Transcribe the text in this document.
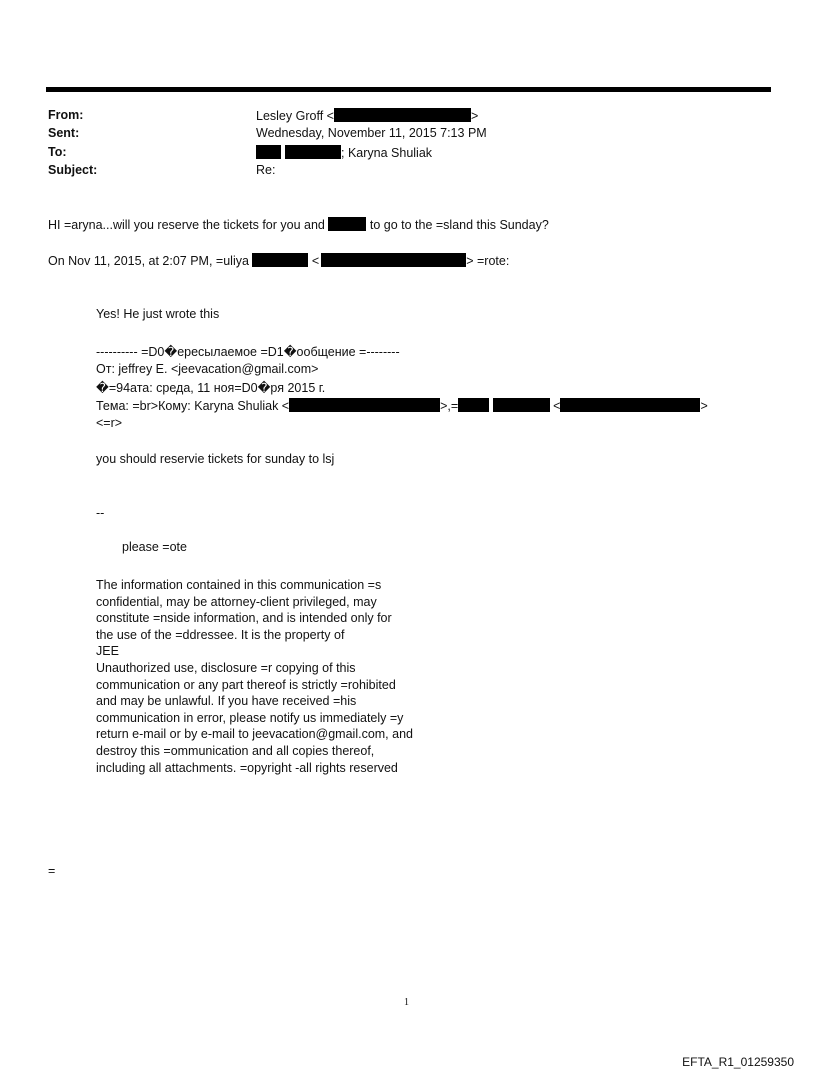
From:	Lesley Groff <	>
Sent:	Wednesday, November 11, 2015 7:13 PM
To:	; Karyna Shuliak
Subject:	Re:
HI =aryna...will you reserve the tickets for you and	to go to the =sland this Sunday?
On Nov 11, 2015, at 2:07 PM, =uliya	<	> =rote:
Yes! He just wrote this
---------- =D0�ересылаемое =D1�ообщение =--------
От: jeffrey E. <jeevacation@gmail.com>
�=94ата: среда, 11 ноя=D0�ря 2015 г.
Тема: =br>Кому: Karyna Shuliak <	>,=	<	>
<=r>
you should reservie tickets for sunday to lsj
--
please =ote
The information contained in this communication =s
confidential, may be attorney-client privileged, may
constitute =nside information, and is intended only for
the use of the =ddressee. It is the property of
JEE
Unauthorized use, disclosure =r copying of this
communication or any part thereof is strictly =rohibited
and may be unlawful. If you have received =his
communication in error, please notify us immediately =y
return e-mail or by e-mail to jeevacation@gmail.com, and
destroy this =ommunication and all copies thereof,
including all attachments. =opyright -all rights reserved
=
1
EFTA_R1_01259350
